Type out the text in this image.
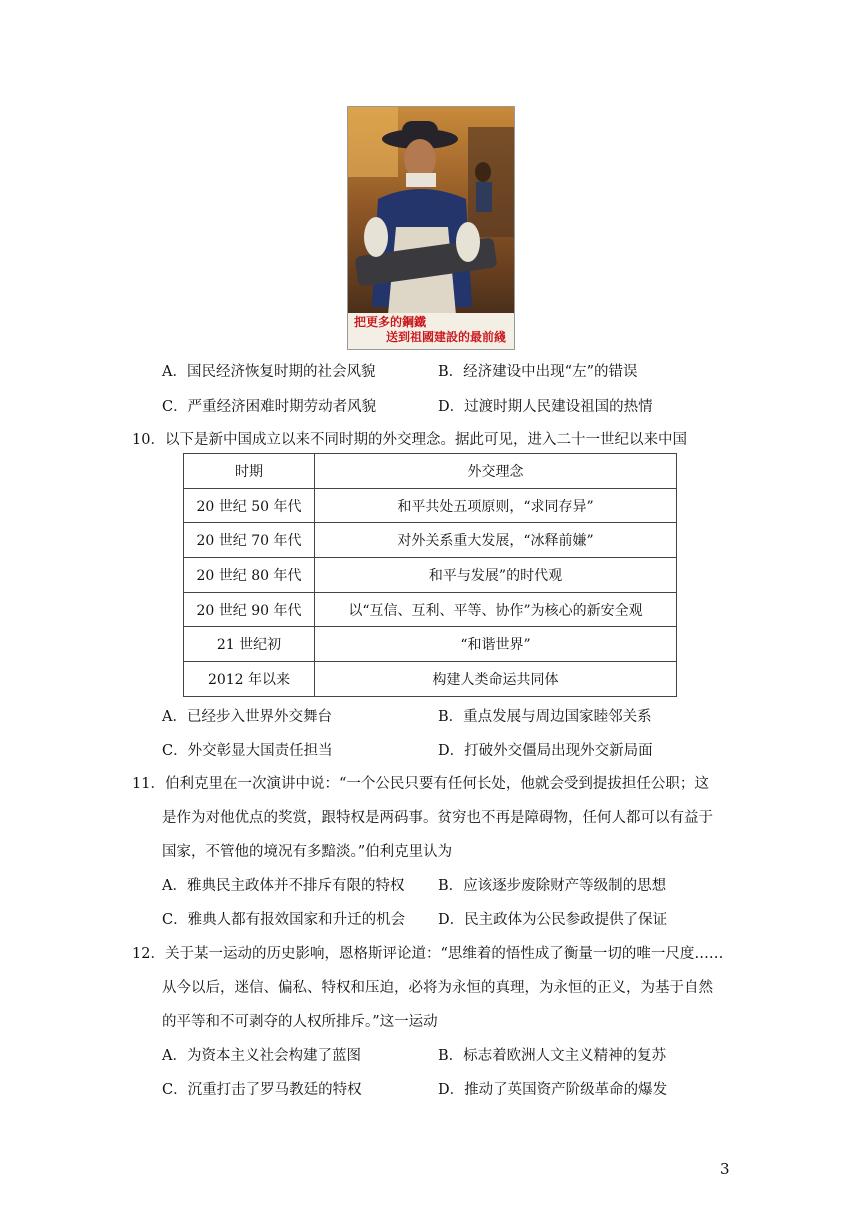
把更多的鋼鐵
送到祖國建設的最前綫
A．国民经济恢复时期的社会风貌	B．经济建设中出现“左”的错误
C．严重经济困难时期劳动者风貌	D．过渡时期人民建设祖国的热情
10．以下是新中国成立以来不同时期的外交理念。据此可见，进入二十一世纪以来中国
时期	外交理念
20 世纪 50 年代	和平共处五项原则，“求同存异”
20 世纪 70 年代	对外关系重大发展，“冰释前嫌”
20 世纪 80 年代	和平与发展”的时代观
20 世纪 90 年代	以“互信、互利、平等、协作”为核心的新安全观
21 世纪初	“和谐世界”
2012 年以来	构建人类命运共同体
A．已经步入世界外交舞台	B．重点发展与周边国家睦邻关系
C．外交彰显大国责任担当	D．打破外交僵局出现外交新局面
11．伯利克里在一次演讲中说：“一个公民只要有任何长处，他就会受到提拔担任公职；这
是作为对他优点的奖赏，跟特权是两码事。贫穷也不再是障碍物，任何人都可以有益于
国家，不管他的境况有多黯淡。”伯利克里认为
A．雅典民主政体并不排斥有限的特权 B．应该逐步废除财产等级制的思想
C．雅典人都有报效国家和升迁的机会 D．民主政体为公民参政提供了保证
12．关于某一运动的历史影响，恩格斯评论道：“思维着的悟性成了衡量一切的唯一尺度……
从今以后，迷信、偏私、特权和压迫，必将为永恒的真理，为永恒的正义，为基于自然
的平等和不可剥夺的人权所排斥。”这一运动
A．为资本主义社会构建了蓝图	B．标志着欧洲人文主义精神的复苏
C．沉重打击了罗马教廷的特权	D．推动了英国资产阶级革命的爆发
3
